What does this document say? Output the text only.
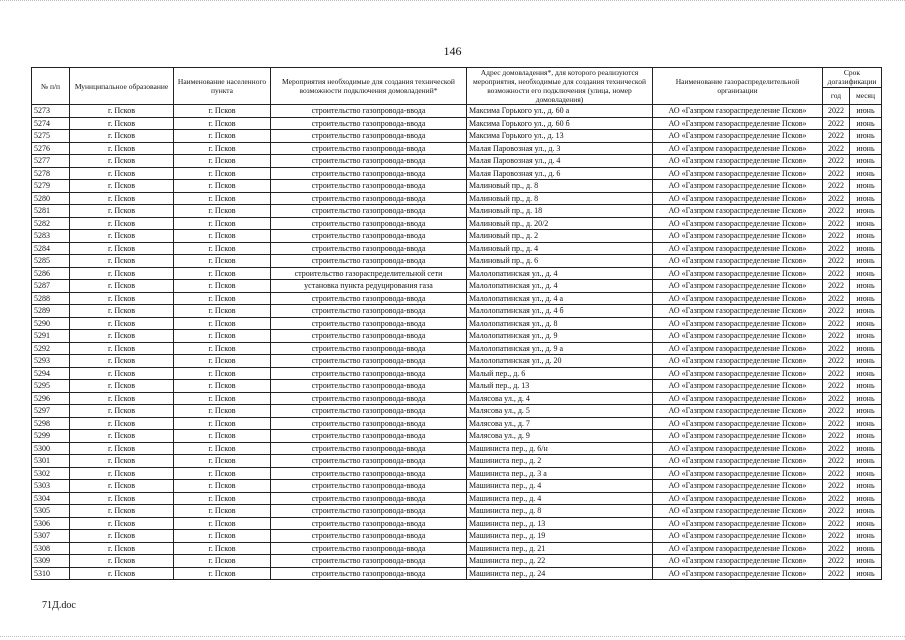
146
№ п/п	Муниципальное образование	Наименование населенного пункта	Мероприятия необходимые для создания технической возможности подключения домовладений*	Адрес домовладения*, для которого реализуются мероприятия, необходимые для создания технической возможности его подключения (улица, номер домовладения)	Наименование газораспределительной организации	Срок догазификации	
						год	месяц
5273	г. Псков	г. Псков	строительство газопровода-ввода	Максима Горького ул., д. 60 а	АО «Газпром газораспределение Псков»	2022	июнь
5274	г. Псков	г. Псков	строительство газопровода-ввода	Максима Горького ул., д. 60 б	АО «Газпром газораспределение Псков»	2022	июнь
5275	г. Псков	г. Псков	строительство газопровода-ввода	Максима Горького ул., д. 13	АО «Газпром газораспределение Псков»	2022	июнь
5276	г. Псков	г. Псков	строительство газопровода-ввода	Малая Паровозная ул., д. 3	АО «Газпром газораспределение Псков»	2022	июнь
5277	г. Псков	г. Псков	строительство газопровода-ввода	Малая Паровозная ул., д. 4	АО «Газпром газораспределение Псков»	2022	июнь
5278	г. Псков	г. Псков	строительство газопровода-ввода	Малая Паровозная ул., д. 6	АО «Газпром газораспределение Псков»	2022	июнь
5279	г. Псков	г. Псков	строительство газопровода-ввода	Малиновый пр., д. 8	АО «Газпром газораспределение Псков»	2022	июнь
5280	г. Псков	г. Псков	строительство газопровода-ввода	Малиновый пр., д. 8	АО «Газпром газораспределение Псков»	2022	июнь
5281	г. Псков	г. Псков	строительство газопровода-ввода	Малиновый пр., д. 18	АО «Газпром газораспределение Псков»	2022	июнь
5282	г. Псков	г. Псков	строительство газопровода-ввода	Малиновый пр., д. 20/2	АО «Газпром газораспределение Псков»	2022	июнь
5283	г. Псков	г. Псков	строительство газопровода-ввода	Малиновый пр., д. 2	АО «Газпром газораспределение Псков»	2022	июнь
5284	г. Псков	г. Псков	строительство газопровода-ввода	Малиновый пр., д. 4	АО «Газпром газораспределение Псков»	2022	июнь
5285	г. Псков	г. Псков	строительство газопровода-ввода	Малиновый пр., д. 6	АО «Газпром газораспределение Псков»	2022	июнь
5286	г. Псков	г. Псков	строительство газораспределительной сети	Малолопатинская ул., д. 4	АО «Газпром газораспределение Псков»	2022	июнь
5287	г. Псков	г. Псков	установка пункта редуцирования газа	Малолопатинская ул., д. 4	АО «Газпром газораспределение Псков»	2022	июнь
5288	г. Псков	г. Псков	строительство газопровода-ввода	Малолопатинская ул., д. 4 а	АО «Газпром газораспределение Псков»	2022	июнь
5289	г. Псков	г. Псков	строительство газопровода-ввода	Малолопатинская ул., д. 4 б	АО «Газпром газораспределение Псков»	2022	июнь
5290	г. Псков	г. Псков	строительство газопровода-ввода	Малолопатинская ул., д. 8	АО «Газпром газораспределение Псков»	2022	июнь
5291	г. Псков	г. Псков	строительство газопровода-ввода	Малолопатинская ул., д. 9	АО «Газпром газораспределение Псков»	2022	июнь
5292	г. Псков	г. Псков	строительство газопровода-ввода	Малолопатинская ул., д. 9 а	АО «Газпром газораспределение Псков»	2022	июнь
5293	г. Псков	г. Псков	строительство газопровода-ввода	Малолопатинская ул., д. 20	АО «Газпром газораспределение Псков»	2022	июнь
5294	г. Псков	г. Псков	строительство газопровода-ввода	Малый пер., д. 6	АО «Газпром газораспределение Псков»	2022	июнь
5295	г. Псков	г. Псков	строительство газопровода-ввода	Малый пер., д. 13	АО «Газпром газораспределение Псков»	2022	июнь
5296	г. Псков	г. Псков	строительство газопровода-ввода	Малясова ул., д. 4	АО «Газпром газораспределение Псков»	2022	июнь
5297	г. Псков	г. Псков	строительство газопровода-ввода	Малясова ул., д. 5	АО «Газпром газораспределение Псков»	2022	июнь
5298	г. Псков	г. Псков	строительство газопровода-ввода	Малясова ул., д. 7	АО «Газпром газораспределение Псков»	2022	июнь
5299	г. Псков	г. Псков	строительство газопровода-ввода	Малясова ул., д. 9	АО «Газпром газораспределение Псков»	2022	июнь
5300	г. Псков	г. Псков	строительство газопровода-ввода	Машиниста пер., д. 6/н	АО «Газпром газораспределение Псков»	2022	июнь
5301	г. Псков	г. Псков	строительство газопровода-ввода	Машиниста пер., д. 2	АО «Газпром газораспределение Псков»	2022	июнь
5302	г. Псков	г. Псков	строительство газопровода-ввода	Машиниста пер., д. 3 а	АО «Газпром газораспределение Псков»	2022	июнь
5303	г. Псков	г. Псков	строительство газопровода-ввода	Машиниста пер., д. 4	АО «Газпром газораспределение Псков»	2022	июнь
5304	г. Псков	г. Псков	строительство газопровода-ввода	Машиниста пер., д. 4	АО «Газпром газораспределение Псков»	2022	июнь
5305	г. Псков	г. Псков	строительство газопровода-ввода	Машиниста пер., д. 8	АО «Газпром газораспределение Псков»	2022	июнь
5306	г. Псков	г. Псков	строительство газопровода-ввода	Машиниста пер., д. 13	АО «Газпром газораспределение Псков»	2022	июнь
5307	г. Псков	г. Псков	строительство газопровода-ввода	Машиниста пер., д. 19	АО «Газпром газораспределение Псков»	2022	июнь
5308	г. Псков	г. Псков	строительство газопровода-ввода	Машиниста пер., д. 21	АО «Газпром газораспределение Псков»	2022	июнь
5309	г. Псков	г. Псков	строительство газопровода-ввода	Машиниста пер., д. 22	АО «Газпром газораспределение Псков»	2022	июнь
5310	г. Псков	г. Псков	строительство газопровода-ввода	Машиниста пер., д. 24	АО «Газпром газораспределение Псков»	2022	июнь
71Д.doc
